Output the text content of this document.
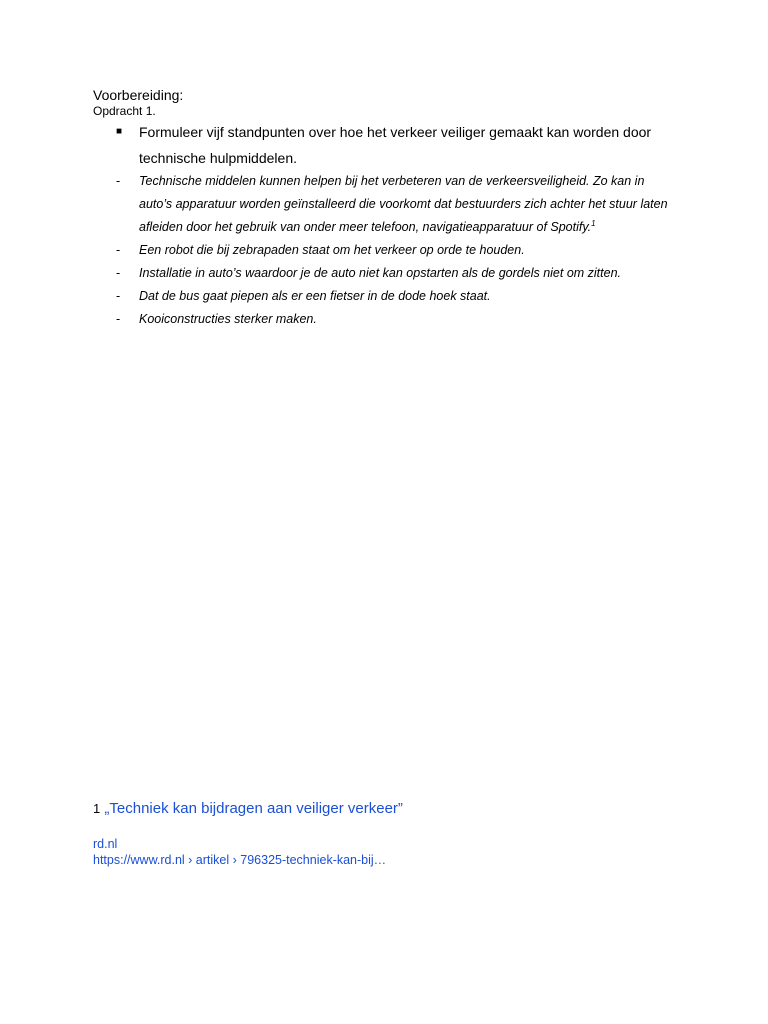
Voorbereiding:
Opdracht 1.
■ Formuleer vijf standpunten over hoe het verkeer veiliger gemaakt kan worden door technische hulpmiddelen.
- Technische middelen kunnen helpen bij het verbeteren van de verkeersveiligheid. Zo kan in auto’s apparatuur worden geïnstalleerd die voorkomt dat bestuurders zich achter het stuur laten afleiden door het gebruik van onder meer telefoon, navigatieapparatuur of Spotify.$^1$
- Een robot die bij zebrapaden staat om het verkeer op orde te houden.
- Installatie in auto’s waardoor je de auto niet kan opstarten als de gordels niet om zitten.
- Dat de bus gaat piepen als er een fietser in de dode hoek staat.
- Kooiconstructies sterker maken.
1 „Techniek kan bijdragen aan veiliger verkeer”
rd.nl
https://www.rd.nl › artikel › 796325-techniek-kan-bij…
